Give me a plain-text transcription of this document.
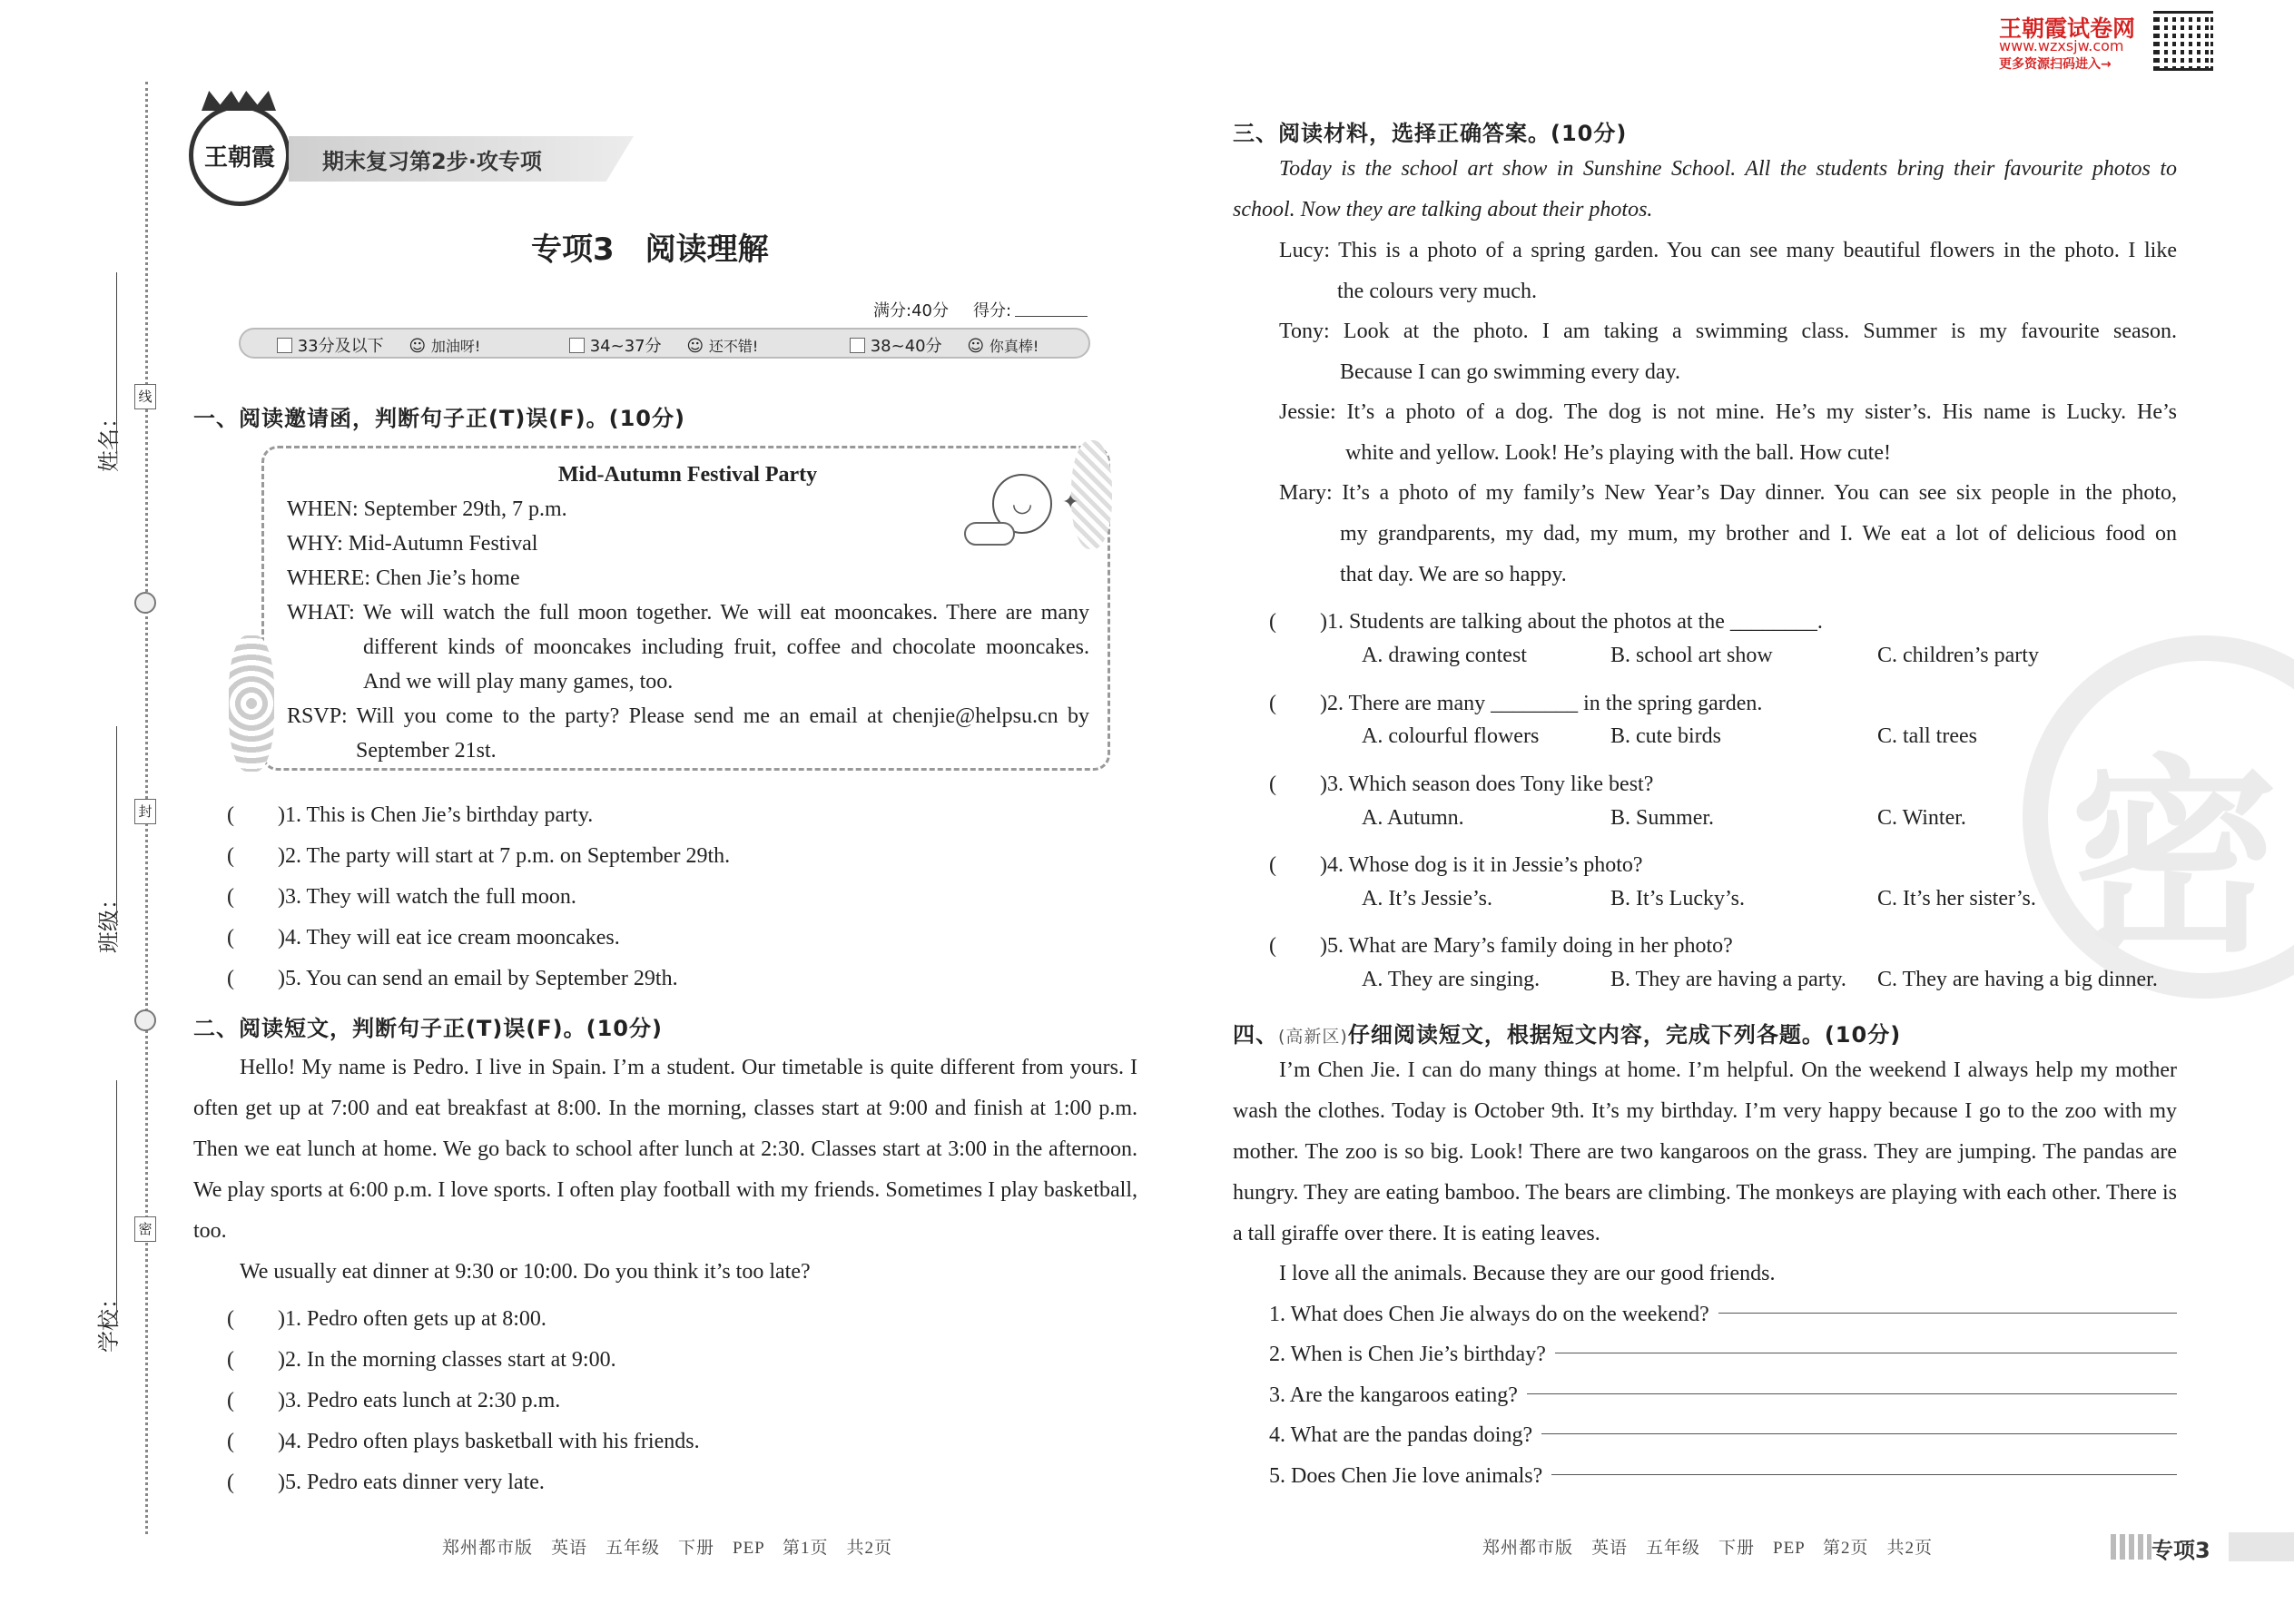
姓名：
班级：
学校：
线
封
密
王朝霞	期末复习第2步·攻专项
专项3　阅读理解
满分:40分 得分:
33分及以下 ☺ 加油呀!	34~37分 ☺ 还不错!	38~40分 ☺ 你真棒!
一、阅读邀请函，判断句子正(T)误(F)。(10分)
◡	✦
Mid-Autumn Festival Party
WHEN: September 29th, 7 p.m.
WHY: Mid-Autumn Festival
WHERE: Chen Jie’s home
WHAT: We will watch the full moon together. We will eat mooncakes. There are many different kinds of mooncakes including fruit, coffee and chocolate mooncakes. And we will play many games, too.
RSVP: Will you come to the party? Please send me an email at chenjie@helpsu.cn by September 21st.
(　　)1. This is Chen Jie’s birthday party.
(　　)2. The party will start at 7 p.m. on September 29th.
(　　)3. They will watch the full moon.
(　　)4. They will eat ice cream mooncakes.
(　　)5. You can send an email by September 29th.
二、阅读短文，判断句子正(T)误(F)。(10分)
Hello! My name is Pedro. I live in Spain. I’m a student. Our timetable is quite different from yours. I often get up at 7:00 and eat breakfast at 8:00. In the morning, classes start at 9:00 and finish at 1:00 p.m. Then we eat lunch at home. We go back to school after lunch at 2:30. Classes start at 3:00 in the afternoon. We play sports at 6:00 p.m. I love sports. I often play football with my friends. Sometimes I play basketball, too.
We usually eat dinner at 9:30 or 10:00. Do you think it’s too late?
(　　)1. Pedro often gets up at 8:00.
(　　)2. In the morning classes start at 9:00.
(　　)3. Pedro eats lunch at 2:30 p.m.
(　　)4. Pedro often plays basketball with his friends.
(　　)5. Pedro eats dinner very late.
郑州都市版　英语　五年级　下册　PEP　第1页　共2页
王朝霞试卷网
www.wzxsjw.com
更多资源扫码进入→
密
三、阅读材料，选择正确答案。(10分)
Today is the school art show in Sunshine School. All the students bring their favourite photos to school. Now they are talking about their photos.
Lucy: This is a photo of a spring garden. You can see many beautiful flowers in the photo. I like
the colours very much.
Tony: Look at the photo. I am taking a swimming class. Summer is my favourite season.
Because I can go swimming every day.
Jessie: It’s a photo of a dog. The dog is not mine. He’s my sister’s. His name is Lucky. He’s
white and yellow. Look! He’s playing with the ball. How cute!
Mary: It’s a photo of my family’s New Year’s Day dinner. You can see six people in the photo,
my grandparents, my dad, my mum, my brother and I. We eat a lot of delicious food on
that day. We are so happy.
(　　)1. Students are talking about the photos at the ________.
A. drawing contest	B. school art show	C. children’s party
(　　)2. There are many ________ in the spring garden.
A. colourful flowers	B. cute birds	C. tall trees
(　　)3. Which season does Tony like best?
A. Autumn.	B. Summer.	C. Winter.
(　　)4. Whose dog is it in Jessie’s photo?
A. It’s Jessie’s.	B. It’s Lucky’s.	C. It’s her sister’s.
(　　)5. What are Mary’s family doing in her photo?
A. They are singing.	B. They are having a party. C. They are having a big dinner.
四、(高新区)仔细阅读短文，根据短文内容，完成下列各题。(10分)
I’m Chen Jie. I can do many things at home. I’m helpful. On the weekend I always help my mother wash the clothes. Today is October 9th. It’s my birthday. I’m very happy because I go to the zoo with my mother. The zoo is so big. Look! There are two kangaroos on the grass. They are jumping. The pandas are hungry. They are eating bamboo. The bears are climbing. The monkeys are playing with each other. There is a tall giraffe over there. It is eating leaves.
I love all the animals. Because they are our good friends.
1. What does Chen Jie always do on the weekend?
2. When is Chen Jie’s birthday?
3. Are the kangaroos eating?
4. What are the pandas doing?
5. Does Chen Jie love animals?
郑州都市版　英语　五年级　下册　PEP　第2页　共2页	专项3
